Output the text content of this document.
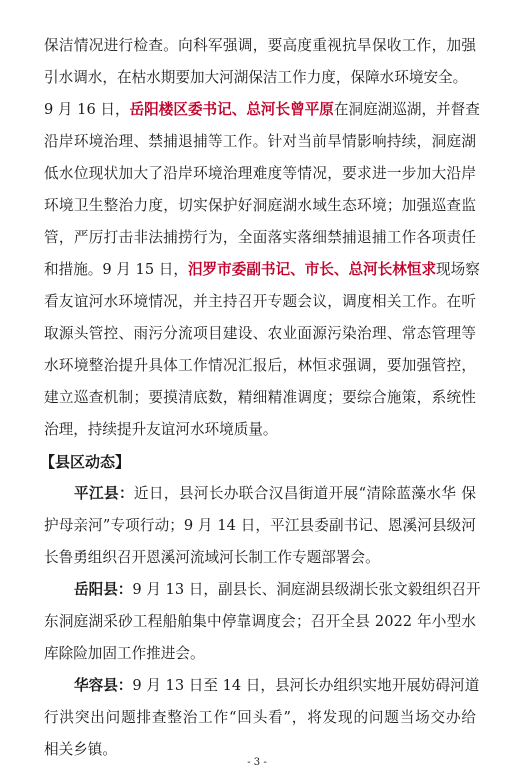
保洁情况进行检查。向科军强调，要高度重视抗旱保收工作，加强
引水调水，在枯水期要加大河湖保洁工作力度，保障水环境安全。
9 月 16 日，岳阳楼区委书记、总河长曾平原在洞庭湖巡湖，并督查
沿岸环境治理、禁捕退捕等工作。针对当前旱情影响持续，洞庭湖
低水位现状加大了沿岸环境治理难度等情况，要求进一步加大沿岸
环境卫生整治力度，切实保护好洞庭湖水域生态环境；加强巡查监
管，严厉打击非法捕捞行为，全面落实落细禁捕退捕工作各项责任
和措施。9 月 15 日，汨罗市委副书记、市长、总河长林恒求现场察
看友谊河水环境情况，并主持召开专题会议，调度相关工作。在听
取源头管控、雨污分流项目建设、农业面源污染治理、常态管理等
水环境整治提升具体工作情况汇报后，林恒求强调，要加强管控，
建立巡查机制；要摸清底数，精细精准调度；要综合施策，系统性
治理，持续提升友谊河水环境质量。
【县区动态】
平江县：近日，县河长办联合汉昌街道开展“清除蓝藻水华 保
护母亲河”专项行动；9 月 14 日，平江县委副书记、恩溪河县级河
长鲁勇组织召开恩溪河流域河长制工作专题部署会。
岳阳县：9 月 13 日，副县长、洞庭湖县级湖长张文毅组织召开
东洞庭湖采砂工程船舶集中停靠调度会；召开全县 2022 年小型水
库除险加固工作推进会。
华容县：9 月 13 日至 14 日，县河长办组织实地开展妨碍河道
行洪突出问题排查整治工作“回头看”，将发现的问题当场交办给
相关乡镇。
- 3 -
